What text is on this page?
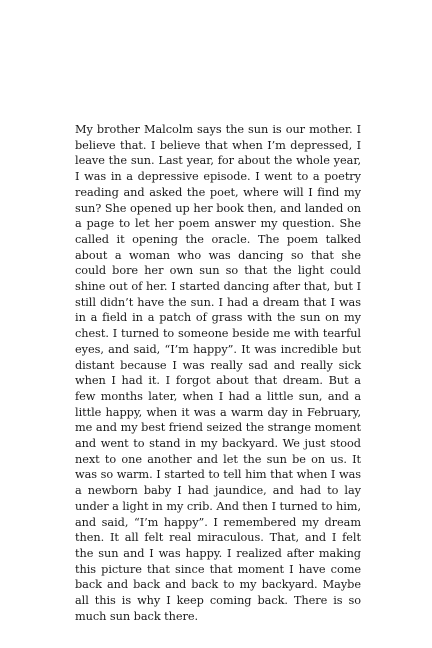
My brother Malcolm says the sun is our mother. I believe that. I believe that when I’m depressed, I leave the sun. Last year, for about the whole year, I was in a depressive episode. I went to a poetry reading and asked the poet, where will I find my sun? She opened up her book then, and landed on a page to let her poem answer my question. She called it opening the oracle. The poem talked about a woman who was dancing so that she could bore her own sun so that the light could shine out of her. I started dancing after that, but I still didn’t have the sun. I had a dream that I was in a field in a patch of grass with the sun on my chest. I turned to someone beside me with tearful eyes, and said, “I’m happy”. It was incredible but distant because I was really sad and really sick when I had it. I forgot about that dream. But a few months later, when I had a little sun, and a little happy, when it was a warm day in February, me and my best friend seized the strange moment and went to stand in my backyard. We just stood next to one another and let the sun be on us. It was so warm. I started to tell him that when I was a newborn baby I had jaundice, and had to lay under a light in my crib. And then I turned to him, and said, “I’m happy”. I remembered my dream then. It all felt real miraculous. That, and I felt the sun and I was happy. I realized after making this picture that since that moment I have come back and back and back to my backyard. Maybe all this is why I keep coming back. There is so much sun back there.
